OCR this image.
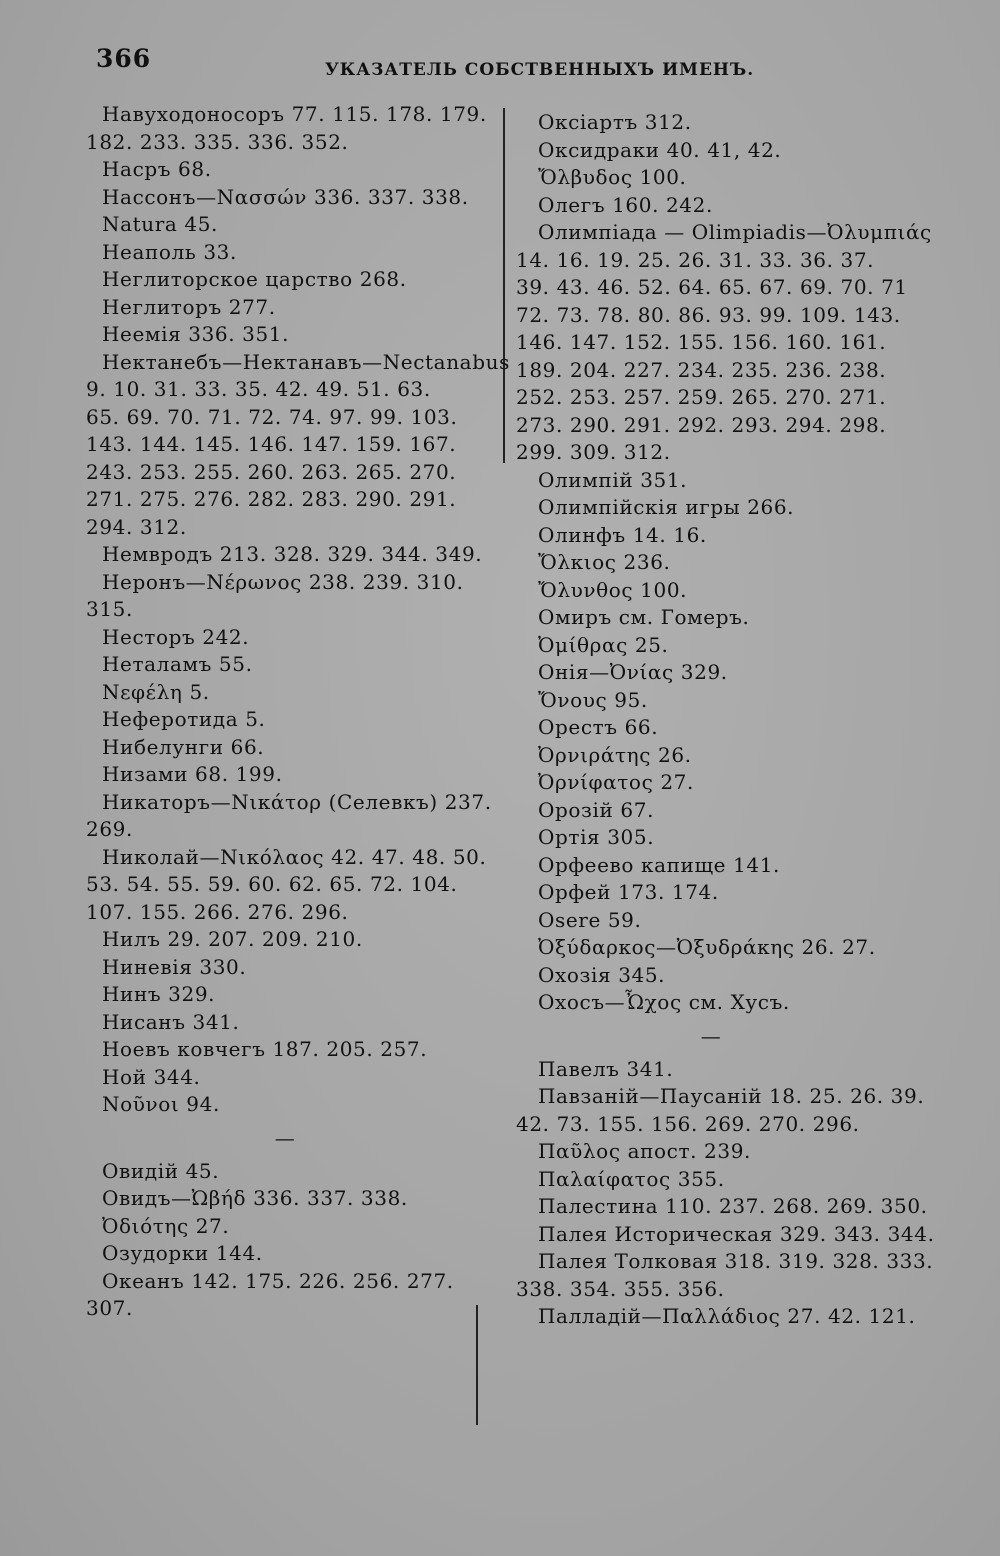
366	УКАЗАТЕЛЬ СОБСТВЕННЫХЪ ИМЕНЪ.
Навуходоносоръ 77. 115. 178. 179.
182. 233. 335. 336. 352.
Насръ 68.
Нассонъ—Νασσών 336. 337. 338.
Natura 45.
Неаполь 33.
Неглиторское царство 268.
Неглиторъ 277.
Неемія 336. 351.
Нектанебъ—Нектанавъ—Nectanabus
9. 10. 31. 33. 35. 42. 49. 51. 63.
65. 69. 70. 71. 72. 74. 97. 99. 103.
143. 144. 145. 146. 147. 159. 167.
243. 253. 255. 260. 263. 265. 270.
271. 275. 276. 282. 283. 290. 291.
294. 312.
Немвродъ 213. 328. 329. 344. 349.
Неронъ—Νέρωνος 238. 239. 310.
315.
Несторъ 242.
Неталамъ 55.
Νεφέλη 5.
Неферотида 5.
Нибелунги 66.
Низами 68. 199.
Никаторъ—Νικάτορ (Селевкъ) 237.
269.
Николай—Νικόλαος 42. 47. 48. 50.
53. 54. 55. 59. 60. 62. 65. 72. 104.
107. 155. 266. 276. 296.
Нилъ 29. 207. 209. 210.
Ниневія 330.
Нинъ 329.
Нисанъ 341.
Ноевъ ковчегъ 187. 205. 257.
Ной 344.
Νοῦνοι 94.
—
Овидій 45.
Овидъ—Ὠβήδ 336. 337. 338.
Ὀδιότης 27.
Озудорки 144.
Океанъ 142. 175. 226. 256. 277.
307.
Оксіартъ 312.
Оксидраки 40. 41, 42.
Ὄλβυδος 100.
Олегъ 160. 242.
Олимпіада — Olimpiadis—Ὀλυμπιάς
14. 16. 19. 25. 26. 31. 33. 36. 37.
39. 43. 46. 52. 64. 65. 67. 69. 70. 71
72. 73. 78. 80. 86. 93. 99. 109. 143.
146. 147. 152. 155. 156. 160. 161.
189. 204. 227. 234. 235. 236. 238.
252. 253. 257. 259. 265. 270. 271.
273. 290. 291. 292. 293. 294. 298.
299. 309. 312.
Олимпій 351.
Олимпійскія игры 266.
Олинфъ 14. 16.
Ὄλκιος 236.
Ὄλυνθος 100.
Омиръ см. Гомеръ.
Ὀμίθρας 25.
Онія—Ὀνίας 329.
Ὄνους 95.
Орестъ 66.
Ὀρνιράτης 26.
Ὀρνίφατος 27.
Орозій 67.
Ортія 305.
Орфеево капище 141.
Орфей 173. 174.
Osere 59.
Ὀξύδαρκος—Ὀξυδράκης 26. 27.
Охозія 345.
Охосъ—Ὦχος см. Хусъ.
—
Павелъ 341.
Павзаній—Паусаній 18. 25. 26. 39.
42. 73. 155. 156. 269. 270. 296.
Παῦλος апост. 239.
Παλαίφατος 355.
Палестина 110. 237. 268. 269. 350.
Палея Историческая 329. 343. 344.
Палея Толковая 318. 319. 328. 333.
338. 354. 355. 356.
Палладій—Παλλάδιος 27. 42. 121.
